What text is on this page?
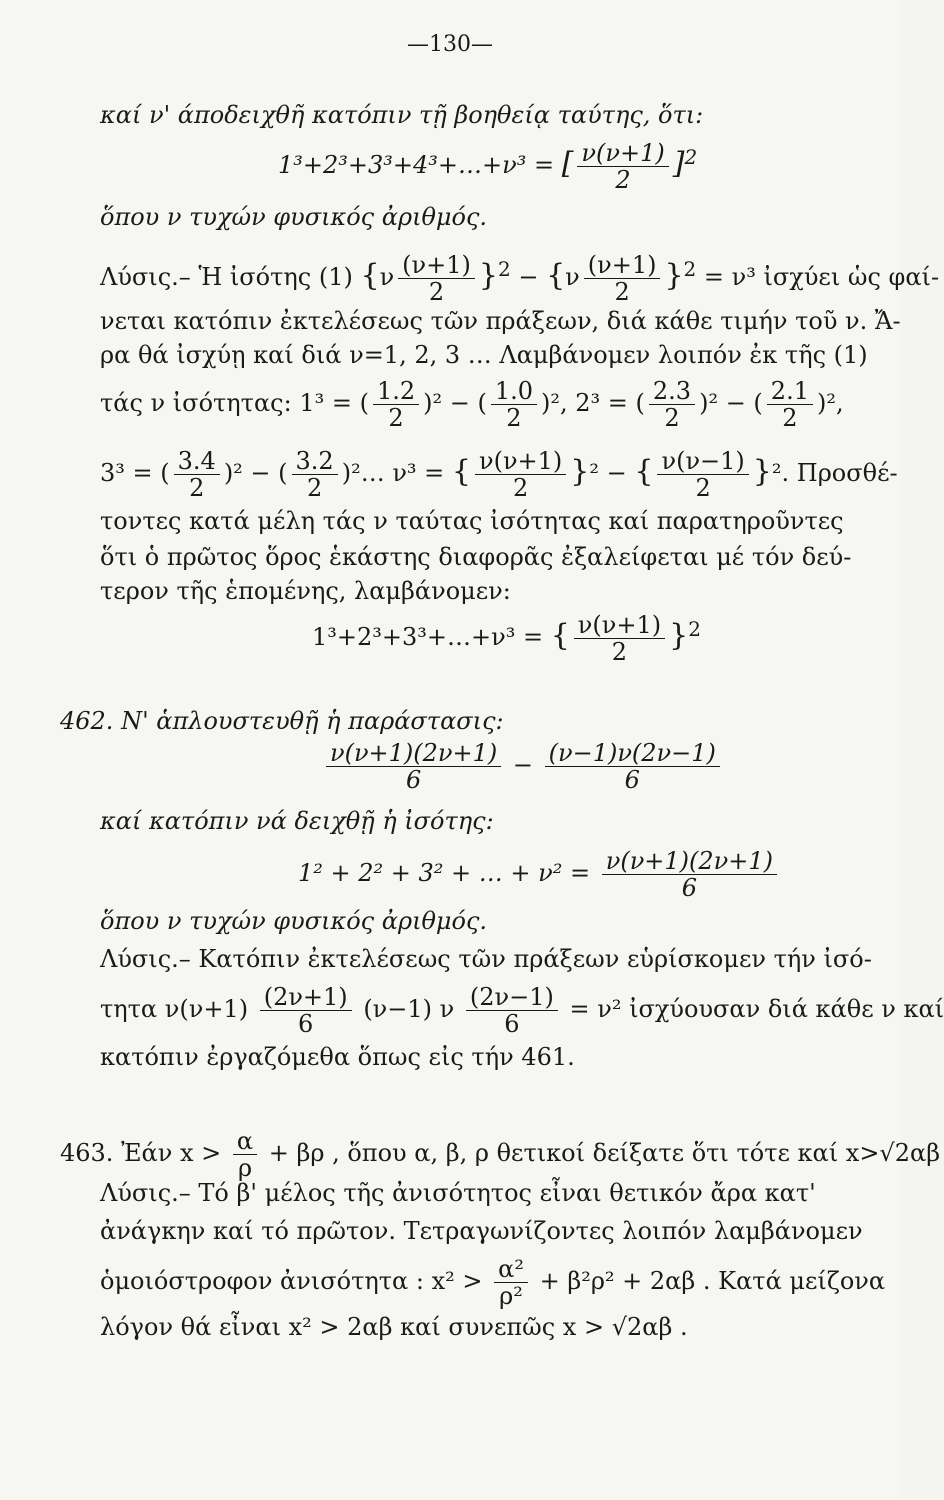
—130—
καί ν' άποδειχθῆ κατόπιν τῇ βοηθείᾳ ταύτης, ὅτι:
1³+2³+3³+4³+…+ν³ = [ $\frac{\nu(\nu+1)}{2} ]^2$
ὅπου ν τυχών φυσικός ἀριθμός.
Λύσις.– Ἡ ἰσότης (1) $\{\nu \frac{(\nu+1)}{2} \}^2 - \{\nu \frac{(\nu+1)}{2} \}^2 = \nu^3$ ἰσχύει ὡς φαί-
νεται κατόπιν ἐκτελέσεως τῶν πράξεων, διά κάθε τιμήν τοῦ ν. Ἄ-
ρα θά ἰσχύῃ καί διά ν=1, 2, 3 … Λαμβάνομεν λοιπόν ἐκ τῆς (1)
τάς ν ἰσότητας: 1³ = ( $\frac{1.2}{2} )^2$ − ( $\frac{1.0}{2} )^2$, 2³ = ( $\frac{2.3}{2} )^2$ − ( $\frac{2.1}{2} )^2$,
3³ = ( $\frac{3.4}{2} )^2$ − ( $\frac{3.2}{2}$ )²… ν³ = { $\frac{\nu(\nu+1)}{2} \}^2$ − { $\frac{\nu(\nu-1)}{2} \}^2$. Προσθέ-
τοντες κατά μέλη τάς ν ταύτας ἰσότητας καί παρατηροῦντες
ὅτι ὁ πρῶτος ὅρος ἑκάστης διαφορᾶς ἐξαλείφεται μέ τόν δεύ-
τερον τῆς ἑπομένης, λαμβάνομεν:
1³+2³+3³+…+ν³ = { $\frac{\nu(\nu+1)}{2} \}^2$
462. Ν' ἁπλουστευθῇ ἡ παράστασις:
$\frac{\nu(\nu+1)(2\nu+1)}{6} - \frac{(\nu-1)\nu(2\nu-1)}{6}$
καί κατόπιν νά δειχθῇ ἡ ἰσότης:
1² + 2² + 3² + … + $\nu^2 = \frac{\nu(\nu+1)(2\nu+1)}{6}$
ὅπου ν τυχών φυσικός ἀριθμός.
Λύσις.– Κατόπιν ἐκτελέσεως τῶν πράξεων εὑρίσκομεν τήν ἰσό-
τητα $\nu(\nu+1) \frac{(2\nu+1)}{6} (\nu-1)$ ν $\frac{(2\nu-1)}{6} = \nu^2$ ἰσχύουσαν διά κάθε ν καί
κατόπιν ἐργαζόμεθα ὅπως εἰς τήν 461.
463. Ἐάν $x > \frac{\alpha}{\rho} + \beta\rho$ , ὅπου α, β, ρ θετικοί δείξατε ὅτι τότε καί x>√2αβ
Λύσις.– Τό β' μέλος τῆς ἀνισότητος εἶναι θετικόν ἄρα κατ'
ἀνάγκην καί τό πρῶτον. Τετραγωνίζοντες λοιπόν λαμβάνομεν
ὁμοιόστροφον ἀνισότητα : $x^2 > \frac{\text{α²}}{\text{ρ²}} + \beta^2\rho^2 + 2\alpha\beta$ . Κατά μείζονα
λόγον θά εἶναι x² > 2αβ καί συνεπῶς x > √2αβ .
